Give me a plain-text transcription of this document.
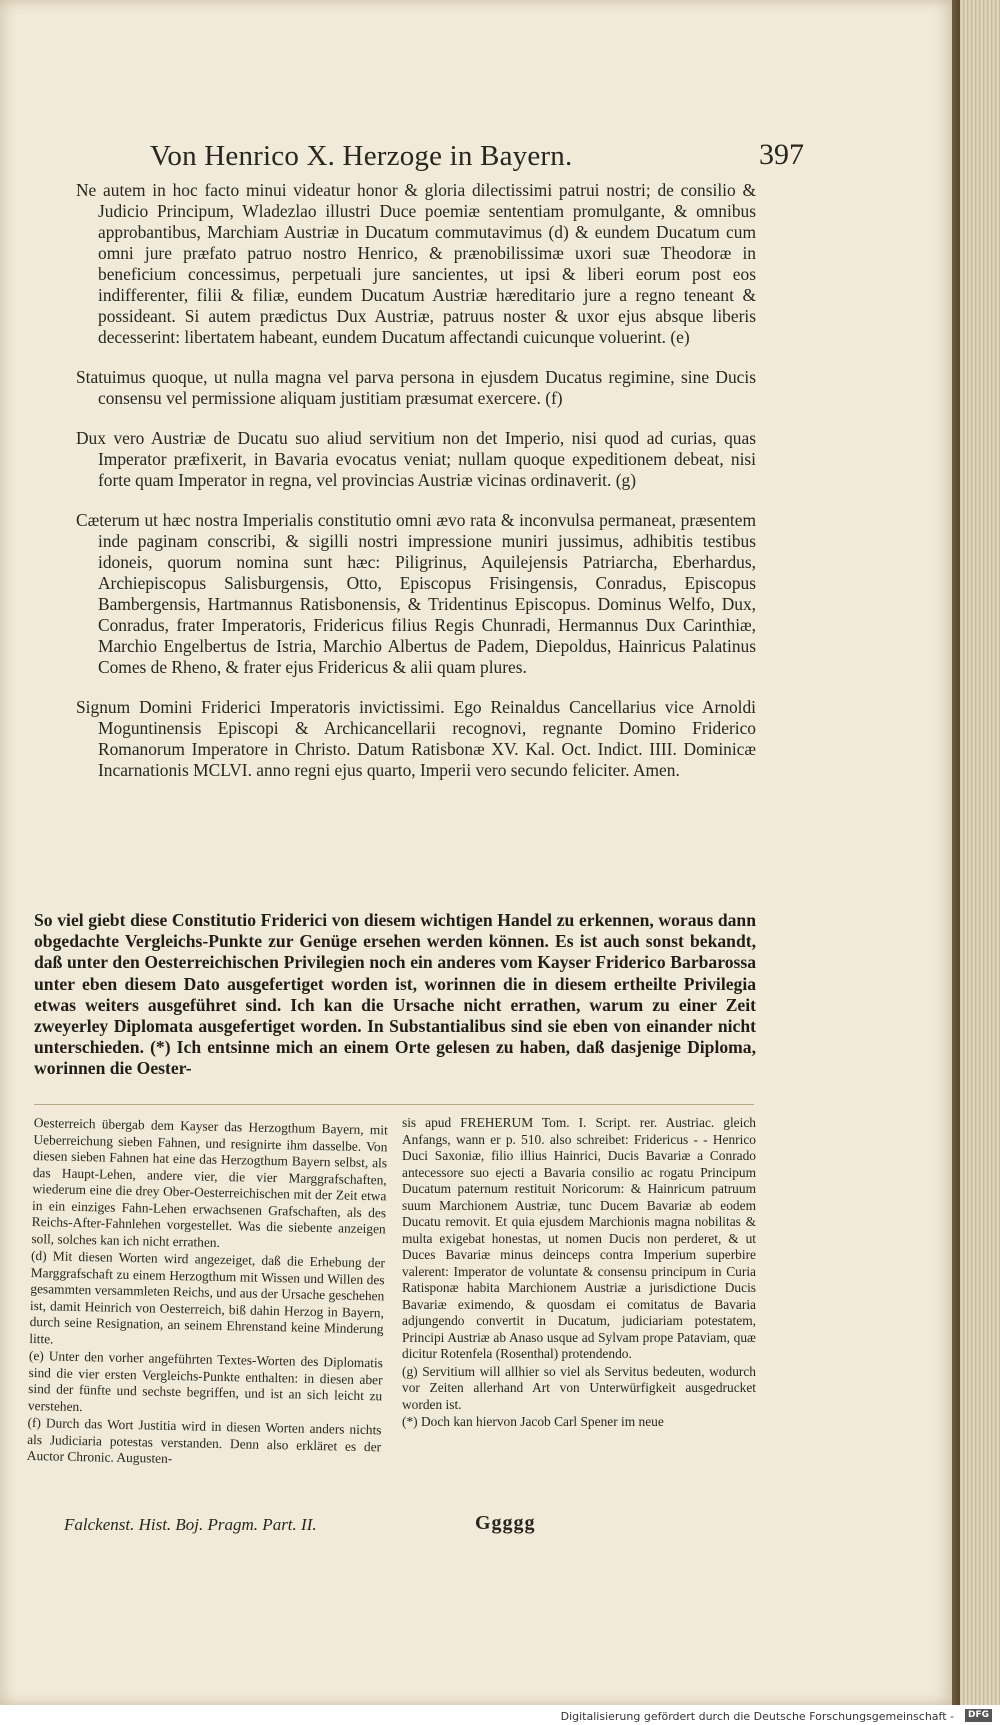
Von Henrico X. Herzoge in Bayern.	397

Ne autem in hoc facto minui videatur honor & gloria dilectissimi patrui nostri; de consilio & Judicio Principum, Wladezlao illustri Duce poemiæ sententiam promulgante, & omnibus approbantibus, Marchiam Austriæ in Ducatum commutavimus (d) & eundem Ducatum cum omni jure præfato patruo nostro Henrico, & prænobilissimæ uxori suæ Theodoræ in beneficium concessimus, perpetuali jure sancientes, ut ipsi & liberi eorum post eos indifferenter, filii & filiæ, eundem Ducatum Austriæ hæreditario jure a regno teneant & possideant. Si autem prædictus Dux Austriæ, patruus noster & uxor ejus absque liberis decesserint: libertatem habeant, eundem Ducatum affectandi cuicunque voluerint. (e)

Statuimus quoque, ut nulla magna vel parva persona in ejusdem Ducatus regimine, sine Ducis consensu vel permissione aliquam justitiam præsumat exercere. (f)

Dux vero Austriæ de Ducatu suo aliud servitium non det Imperio, nisi quod ad curias, quas Imperator præfixerit, in Bavaria evocatus veniat; nullam quoque expeditionem debeat, nisi forte quam Imperator in regna, vel provincias Austriæ vicinas ordinaverit. (g)

Cæterum ut hæc nostra Imperialis constitutio omni ævo rata & inconvulsa permaneat, præsentem inde paginam conscribi, & sigilli nostri impressione muniri jussimus, adhibitis testibus idoneis, quorum nomina sunt hæc: Piligrinus, Aquilejensis Patriarcha, Eberhardus, Archiepiscopus Salisburgensis, Otto, Episcopus Frisingensis, Conradus, Episcopus Bambergensis, Hartmannus Ratisbonensis, & Tridentinus Episcopus. Dominus Welfo, Dux, Conradus, frater Imperatoris, Fridericus filius Regis Chunradi, Hermannus Dux Carinthiæ, Marchio Engelbertus de Istria, Marchio Albertus de Padem, Diepoldus, Hainricus Palatinus Comes de Rheno, & frater ejus Fridericus & alii quam plures.

Signum Domini Friderici Imperatoris invictissimi. Ego Reinaldus Cancellarius vice Arnoldi Moguntinensis Episcopi & Archicancellarii recognovi, regnante Domino Friderico Romanorum Imperatore in Christo. Datum Ratisbonæ XV. Kal. Oct. Indict. IIII. Dominicæ Incarnationis MCLVI. anno regni ejus quarto, Imperii vero secundo feliciter. Amen.

So viel giebt diese Constitutio Friderici von diesem wichtigen Handel zu erkennen, woraus dann obgedachte Vergleichs-Punkte zur Genüge ersehen werden können. Es ist auch sonst bekandt, daß unter den Oesterreichischen Privilegien noch ein anderes vom Kayser Friderico Barbarossa unter eben diesem Dato ausgefertiget worden ist, worinnen die in diesem ertheilte Privilegia etwas weiters ausgeführet sind. Ich kan die Ursache nicht errathen, warum zu einer Zeit zweyerley Diplomata ausgefertiget worden. In Substantialibus sind sie eben von einander nicht unterschieden. (*) Ich entsinne mich an einem Orte gelesen zu haben, daß dasjenige Diploma, worinnen die Oester-

Oesterreich übergab dem Kayser das Herzogthum Bayern, mit Ueberreichung sieben Fahnen, und resignirte ihm dasselbe. Von diesen sieben Fahnen hat eine das Herzogthum Bayern selbst, als das Haupt-Lehen, andere vier, die vier Marggrafschaften, wiederum eine die drey Ober-Oesterreichischen mit der Zeit etwa in ein einziges Fahn-Lehen erwachsenen Grafschaften, als des Reichs-After-Fahnlehen vorgestellet. Was die siebente anzeigen soll, solches kan ich nicht errathen.

(d) Mit diesen Worten wird angezeiget, daß die Erhebung der Marggrafschaft zu einem Herzogthum mit Wissen und Willen des gesammten versammleten Reichs, und aus der Ursache geschehen ist, damit Heinrich von Oesterreich, biß dahin Herzog in Bayern, durch seine Resignation, an seinem Ehrenstand keine Minderung litte.

(e) Unter den vorher angeführten Textes-Worten des Diplomatis sind die vier ersten Vergleichs-Punkte enthalten: in diesen aber sind der fünfte und sechste begriffen, und ist an sich leicht zu verstehen.

(f) Durch das Wort Justitia wird in diesen Worten anders nichts als Judiciaria potestas verstanden. Denn also erkläret es der Auctor Chronic. Augusten-

sis apud FREHERUM Tom. I. Script. rer. Austriac. gleich Anfangs, wann er p. 510. also schreibet: Fridericus - - Henrico Duci Saxoniæ, filio illius Hainrici, Ducis Bavariæ a Conrado antecessore suo ejecti a Bavaria consilio ac rogatu Principum Ducatum paternum restituit Noricorum: & Hainricum patruum suum Marchionem Austriæ, tunc Ducem Bavariæ ab eodem Ducatu removit. Et quia ejusdem Marchionis magna nobilitas & multa exigebat honestas, ut nomen Ducis non perderet, & ut Duces Bavariæ minus deinceps contra Imperium superbire valerent: Imperator de voluntate & consensu principum in Curia Ratisponæ habita Marchionem Austriæ a jurisdictione Ducis Bavariæ eximendo, & quosdam ei comitatus de Bavaria adjungendo convertit in Ducatum, judiciariam potestatem, Principi Austriæ ab Anaso usque ad Sylvam prope Pataviam, quæ dicitur Rotenfela (Rosenthal) protendendo.

(g) Servitium will allhier so viel als Servitus bedeuten, wodurch vor Zeiten allerhand Art von Unterwürfigkeit ausgedrucket worden ist.

(*) Doch kan hiervon Jacob Carl Spener im neue

Falckenst. Hist. Boj. Pragm. Part. II.	Ggggg
Digitalisierung gefördert durch die Deutsche Forschungsgemeinschaft -	DFG
